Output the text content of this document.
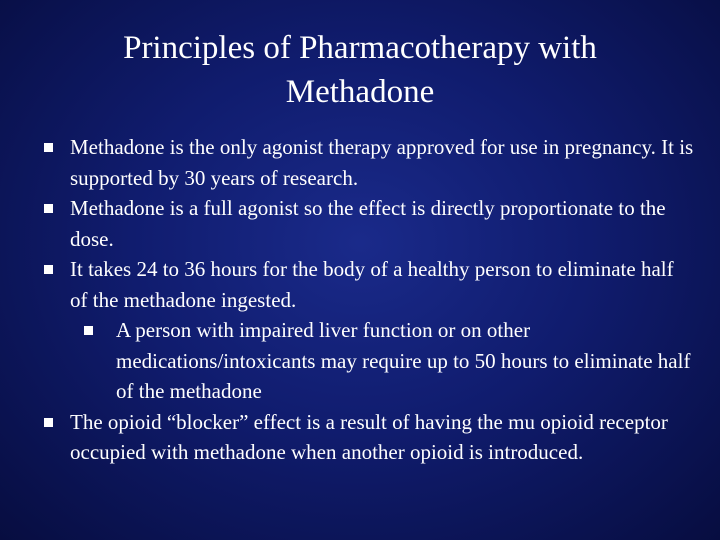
Principles of Pharmacotherapy with
Methadone
Methadone is the only agonist therapy approved for use in pregnancy. It is supported by 30 years of research.
Methadone is a full agonist so the effect is directly proportionate to the dose.
It takes 24 to 36 hours for the body of a healthy person to eliminate half of the methadone ingested.
A person with impaired liver function or on other medications/intoxicants may require up to 50 hours to eliminate half of the methadone
The opioid “blocker” effect is a result of having the mu opioid receptor occupied with methadone when another opioid is introduced.
